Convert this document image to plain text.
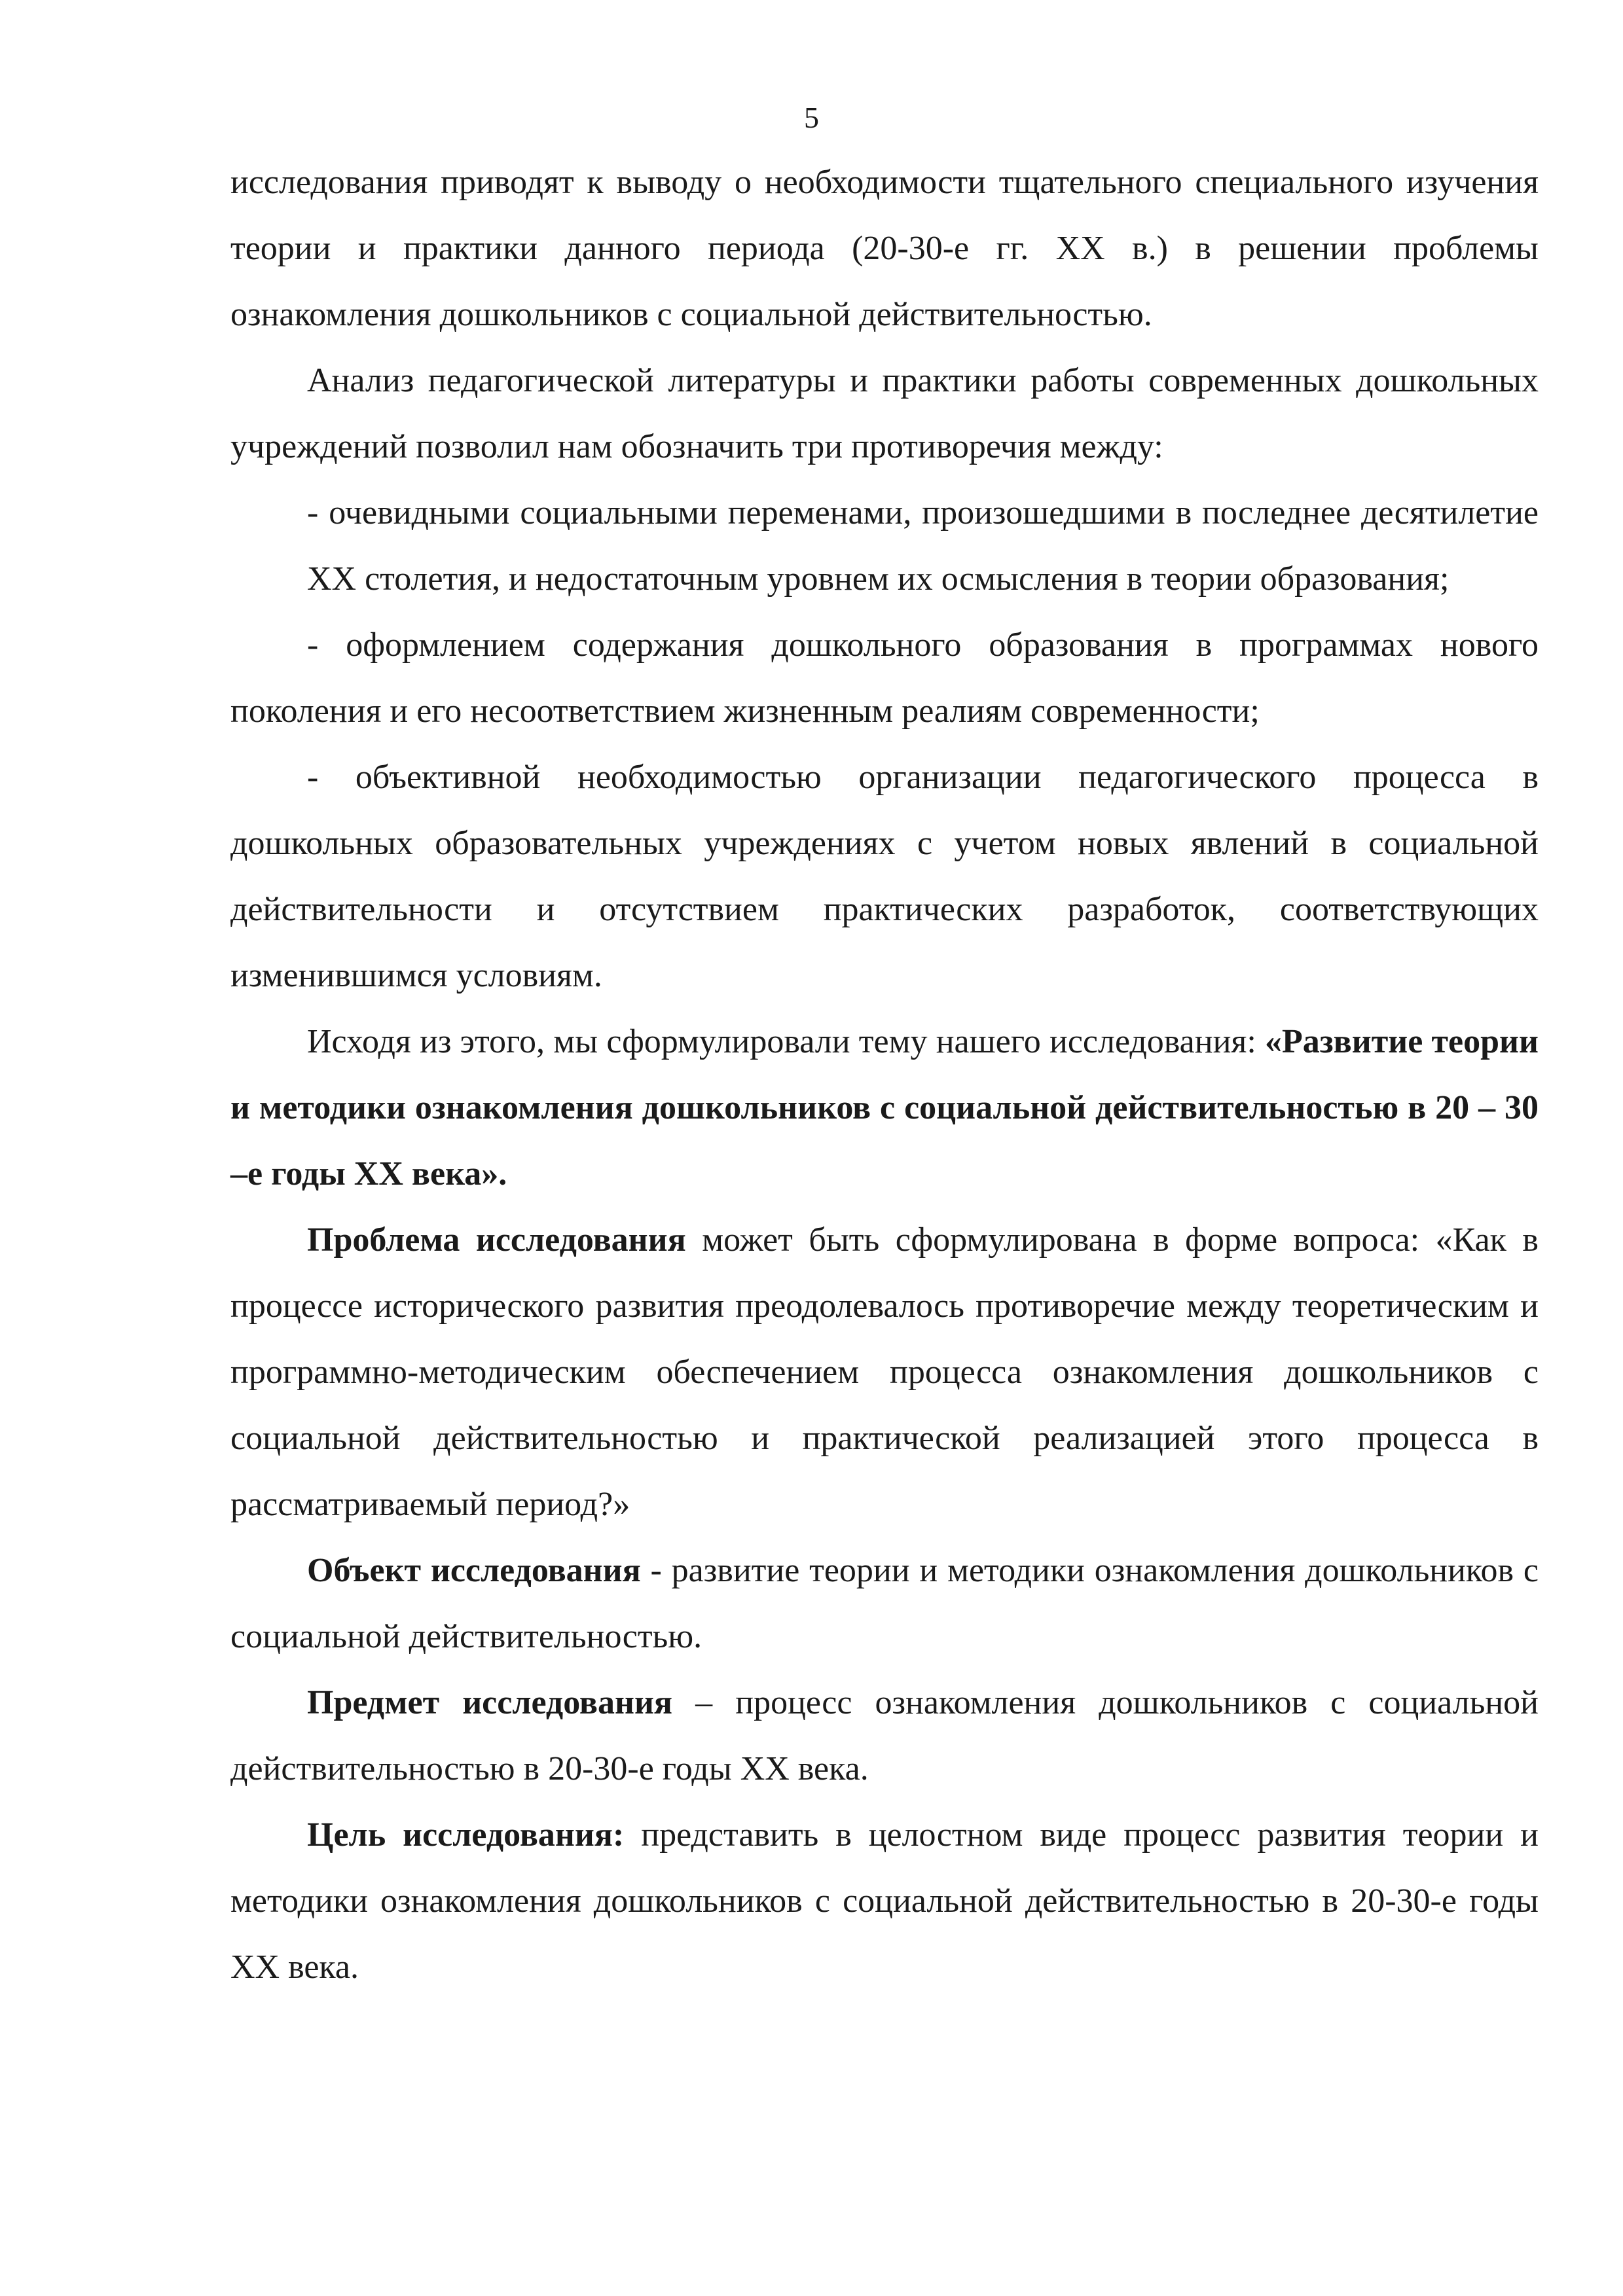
5

исследования приводят к выводу о необходимости тщательного специального изучения теории и практики данного периода (20-30-е гг. XX в.) в решении проблемы ознакомления дошкольников с социальной действительностью.

Анализ педагогической литературы и практики работы современных дошкольных учреждений позволил нам обозначить три противоречия между:

- очевидными социальными переменами, произошедшими в последнее десятилетие XX столетия, и недостаточным уровнем их осмысления в теории образования;

- оформлением содержания дошкольного образования в программах нового поколения и его несоответствием жизненным реалиям современности;

- объективной необходимостью организации педагогического процесса в дошкольных образовательных учреждениях с учетом новых явлений в социальной действительности и отсутствием практических разработок, соответствующих изменившимся условиям.

Исходя из этого, мы сформулировали тему нашего исследования: «Развитие теории и методики ознакомления дошкольников с социальной действительностью в 20 – 30 –е годы XX века».

Проблема исследования может быть сформулирована в форме вопроса: «Как в процессе исторического развития преодолевалось противоречие между теоретическим и программно-методическим обеспечением процесса ознакомления дошкольников с социальной действительностью и практической реализацией этого процесса в рассматриваемый период?»

Объект исследования - развитие теории и методики ознакомления дошкольников с социальной действительностью.

Предмет исследования – процесс ознакомления дошкольников с социальной действительностью в 20-30-е годы XX века.

Цель исследования: представить в целостном виде процесс развития теории и методики ознакомления дошкольников с социальной действительностью в 20-30-е годы XX века.
